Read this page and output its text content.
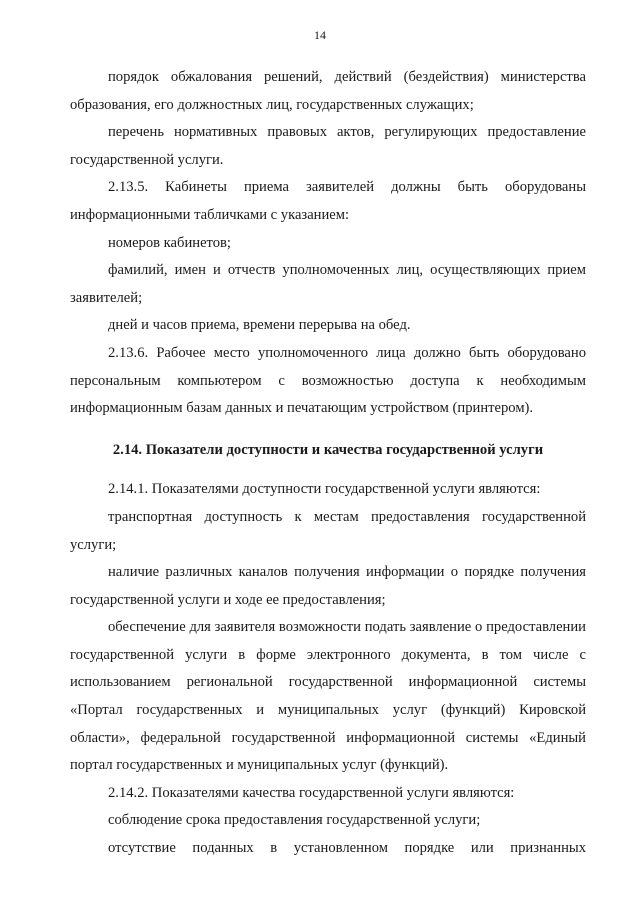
14

порядок обжалования решений, действий (бездействия) министерства образования, его должностных лиц, государственных служащих;

перечень нормативных правовых актов, регулирующих предоставление государственной услуги.

2.13.5. Кабинеты приема заявителей должны быть оборудованы информационными табличками с указанием:

номеров кабинетов;

фамилий, имен и отчеств уполномоченных лиц, осуществляющих прием заявителей;

дней и часов приема, времени перерыва на обед.

2.13.6. Рабочее место уполномоченного лица должно быть оборудовано персональным компьютером с возможностью доступа к необходимым информационным базам данных и печатающим устройством (принтером).

2.14. Показатели доступности и качества государственной услуги

2.14.1. Показателями доступности государственной услуги являются:

транспортная доступность к местам предоставления государственной услуги;

наличие различных каналов получения информации о порядке получения государственной услуги и ходе ее предоставления;

обеспечение для заявителя возможности подать заявление о предоставлении государственной услуги в форме электронного документа, в том числе с использованием региональной государственной информационной системы «Портал государственных и муниципальных услуг (функций) Кировской области», федеральной государственной информационной системы «Единый портал государственных и муниципальных услуг (функций).

2.14.2. Показателями качества государственной услуги являются:

соблюдение срока предоставления государственной услуги;

отсутствие поданных в установленном порядке или признанных
